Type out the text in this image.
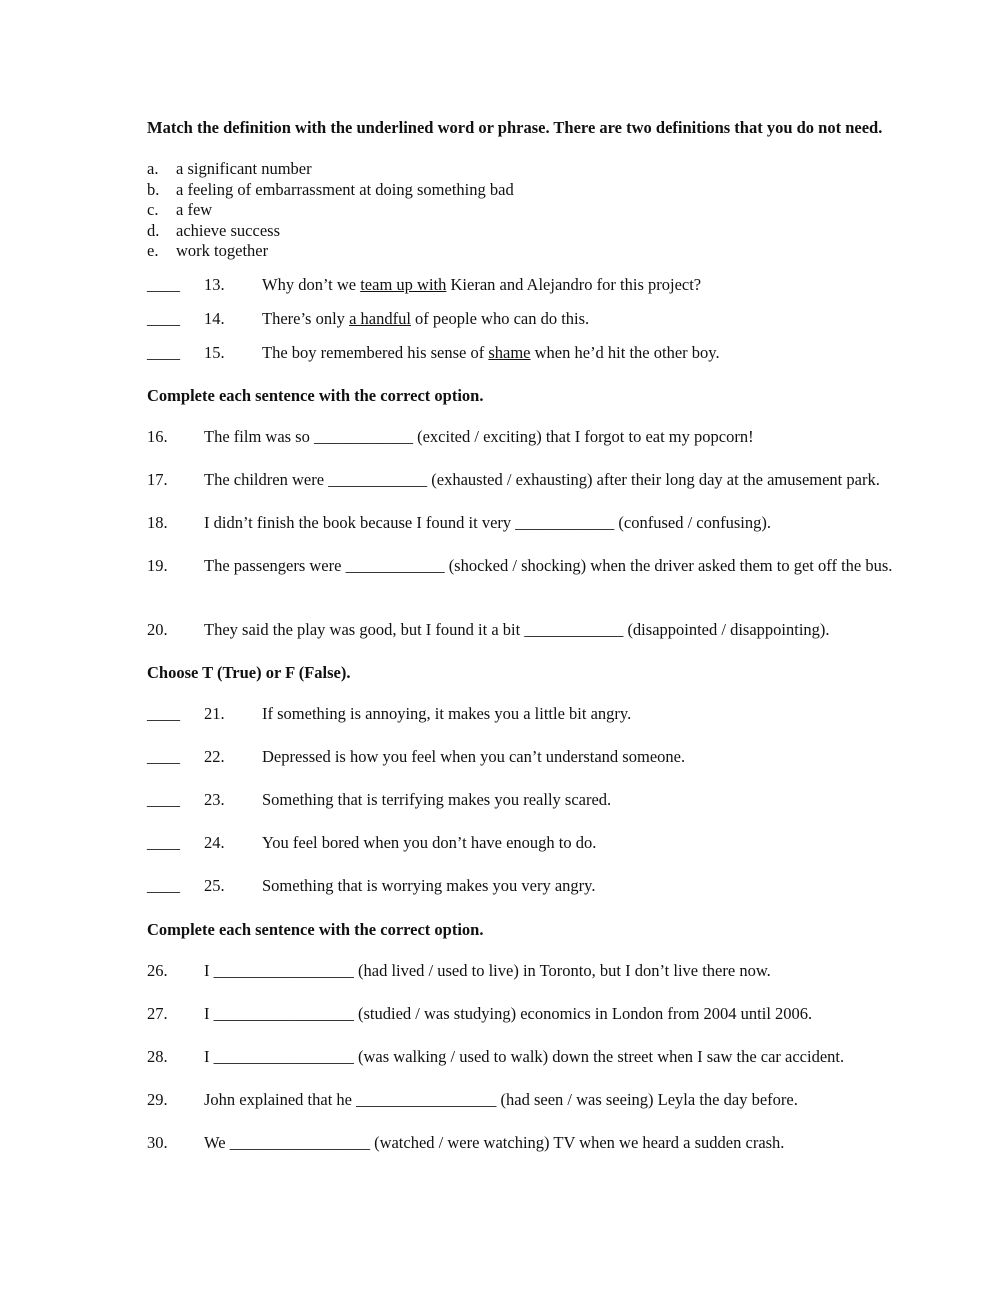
Match the definition with the underlined word or phrase. There are two definitions that you do not need.
a. a significant number
b. a feeling of embarrassment at doing something bad
c. a few
d. achieve success
e. work together
____ 13. Why don’t we team up with Kieran and Alejandro for this project?
____ 14. There’s only a handful of people who can do this.
____ 15. The boy remembered his sense of shame when he’d hit the other boy.
Complete each sentence with the correct option.
16. The film was so ____________ (excited / exciting) that I forgot to eat my popcorn!
17. The children were ____________ (exhausted / exhausting) after their long day at the amusement park.
18. I didn’t finish the book because I found it very ____________ (confused / confusing).
19. The passengers were ____________ (shocked / shocking) when the driver asked them to get off the bus.
20. They said the play was good, but I found it a bit ____________ (disappointed / disappointing).
Choose T (True) or F (False).
____ 21. If something is annoying, it makes you a little bit angry.
____ 22. Depressed is how you feel when you can’t understand someone.
____ 23. Something that is terrifying makes you really scared.
____ 24. You feel bored when you don’t have enough to do.
____ 25. Something that is worrying makes you very angry.
Complete each sentence with the correct option.
26. I _________________ (had lived / used to live) in Toronto, but I don’t live there now.
27. I _________________ (studied / was studying) economics in London from 2004 until 2006.
28. I _________________ (was walking / used to walk) down the street when I saw the car accident.
29. John explained that he _________________ (had seen / was seeing) Leyla the day before.
30. We _________________ (watched / were watching) TV when we heard a sudden crash.
